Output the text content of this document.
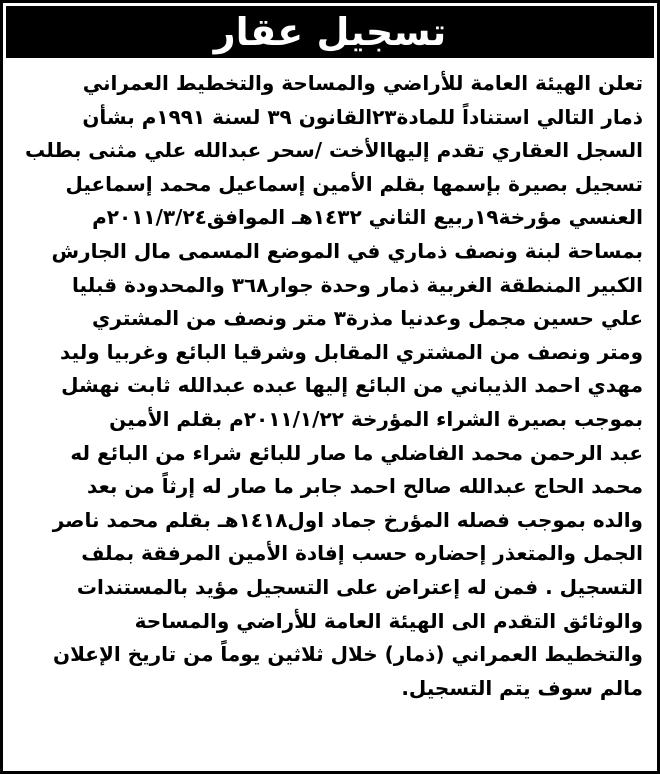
تسجيل عقار
تعلن الهيئة العامة للأراضي والمساحة والتخطيط العمراني
ذمار التالي استناداً للمادة٢٣القانون ٣٩ لسنة ١٩٩١م بشأن
السجل العقاري تقدم إليهاالأخت /سحر عبدالله علي مثنى بطلب
تسجيل بصيرة بإسمها بقلم الأمين إسماعيل محمد إسماعيل
العنسي مؤرخة١٩ربيع الثاني ١٤٣٢هـ الموافق٢٠١١/٣/٢٤م
بمساحة لبنة ونصف ذماري في الموضع المسمى مال الجارش
الكبير المنطقة الغربية ذمار وحدة جوار٣٦٨ والمحدودة قبليا
علي حسين مجمل وعدنيا مذرة٣ متر ونصف من المشتري
ومتر ونصف من المشتري المقابل وشرقيا البائع وغربيا وليد
مهدي احمد الذيباني من البائع إليها عبده عبدالله ثابت نهشل
بموجب بصيرة الشراء المؤرخة ٢٠١١/١/٢٢م بقلم الأمين
عبد الرحمن محمد الفاضلي ما صار للبائع شراء من البائع له
محمد الحاج عبدالله صالح احمد جابر ما صار له إرثاً من بعد
والده بموجب فصله المؤرخ جماد اول١٤١٨هـ بقلم محمد ناصر
الجمل والمتعذر إحضاره حسب إفادة الأمين المرفقة بملف
التسجيل . فمن له إعتراض على التسجيل مؤيد بالمستندات
والوثائق التقدم الى الهيئة العامة للأراضي والمساحة
والتخطيط العمراني (ذمار) خلال ثلاثين يوماً من تاريخ الإعلان
مالم سوف يتم التسجيل.
